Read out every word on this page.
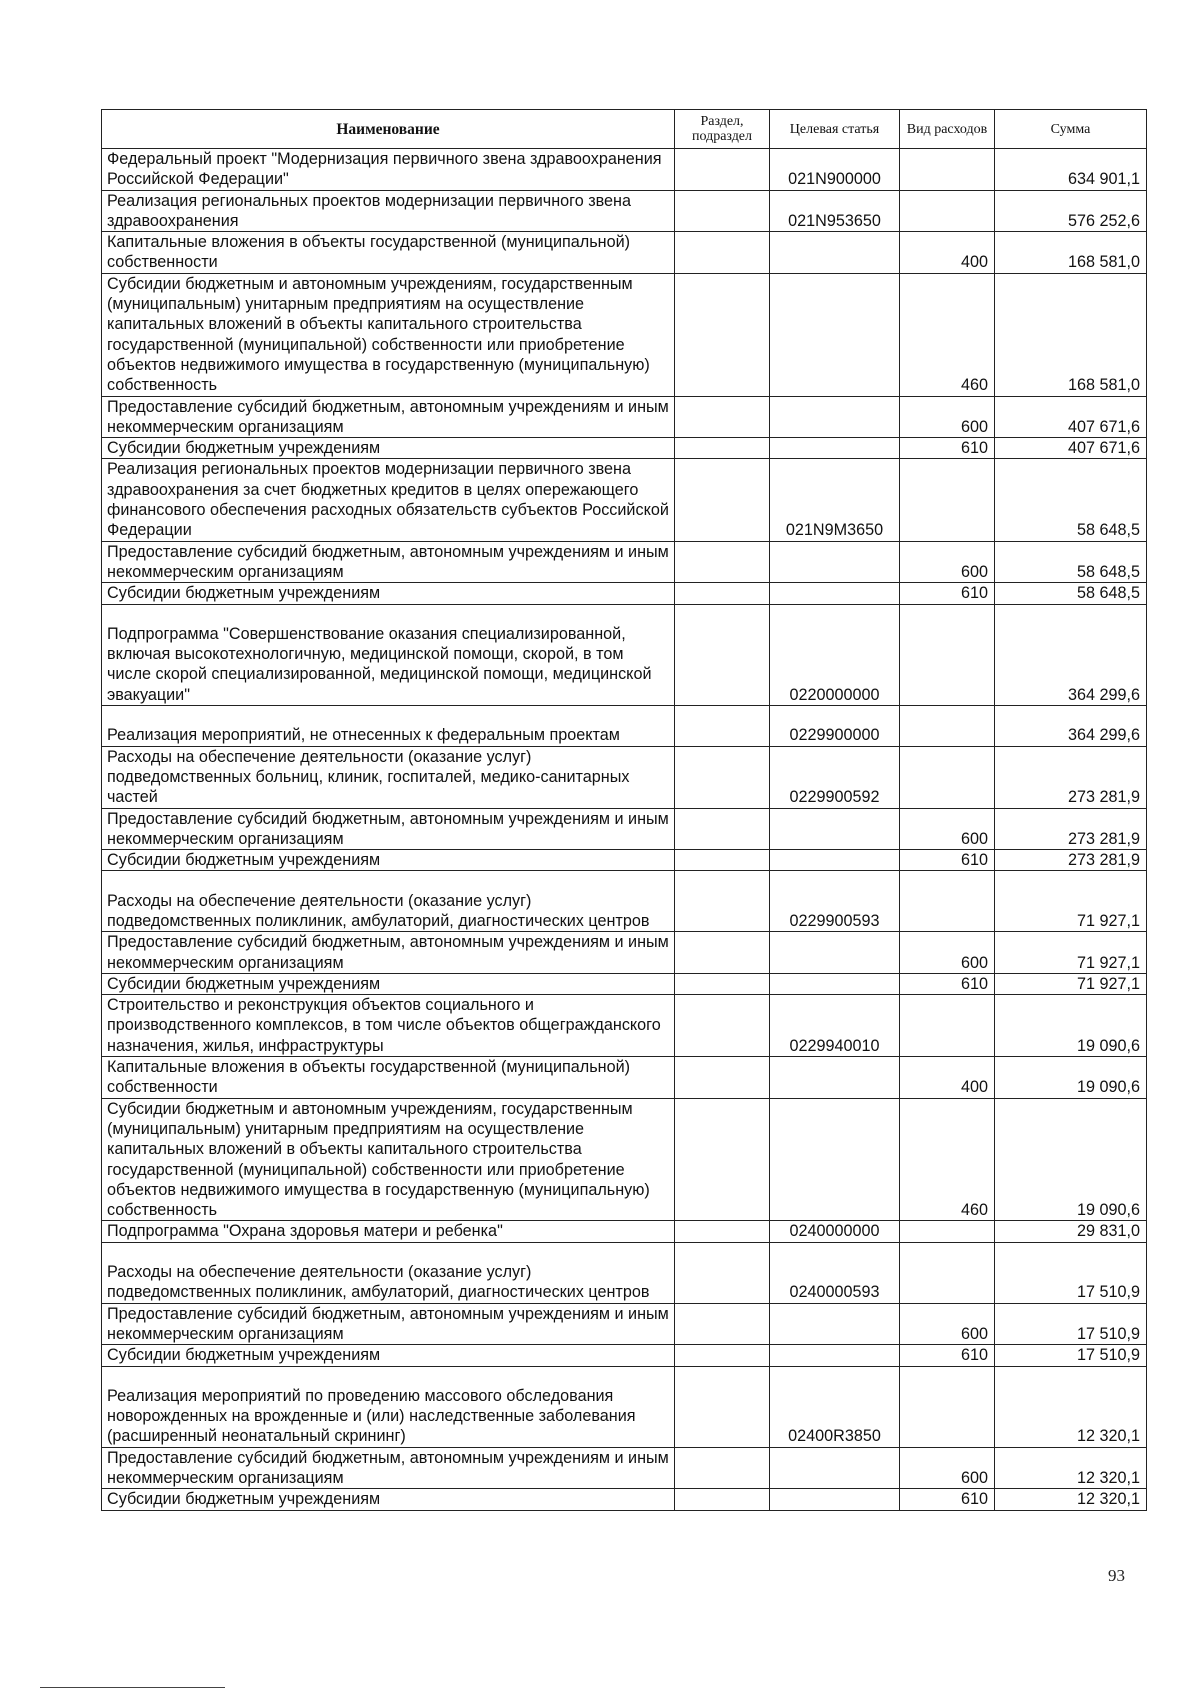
Наименование	Раздел, подраздел	Целевая статья	Вид расходов	Сумма
Федеральный проект "Модернизация первичного звена здравоохранения Российской Федерации"		021N900000		634 901,1
Реализация региональных проектов модернизации первичного звена здравоохранения		021N953650		576 252,6
Капитальные вложения в объекты государственной (муниципальной) собственности			400	168 581,0
Субсидии бюджетным и автономным учреждениям, государственным (муниципальным) унитарным предприятиям на осуществление капитальных вложений в объекты капитального строительства государственной (муниципальной) собственности или приобретение объектов недвижимого имущества в государственную (муниципальную) собственность			460	168 581,0
Предоставление субсидий бюджетным, автономным учреждениям и иным некоммерческим организациям			600	407 671,6
Субсидии бюджетным учреждениям			610	407 671,6
Реализация региональных проектов модернизации первичного звена здравоохранения за счет бюджетных кредитов в целях опережающего финансового обеспечения расходных обязательств субъектов Российской Федерации		021N9M3650		58 648,5
Предоставление субсидий бюджетным, автономным учреждениям и иным некоммерческим организациям			600	58 648,5
Субсидии бюджетным учреждениям			610	58 648,5
Подпрограмма "Совершенствование оказания специализированной, включая высокотехнологичную, медицинской помощи, скорой, в том числе скорой специализированной, медицинской помощи, медицинской эвакуации"		0220000000		364 299,6
Реализация мероприятий, не отнесенных к федеральным проектам		0229900000		364 299,6
Расходы на обеспечение деятельности (оказание услуг) подведомственных больниц, клиник, госпиталей, медико-санитарных частей		0229900592		273 281,9
Предоставление субсидий бюджетным, автономным учреждениям и иным некоммерческим организациям			600	273 281,9
Субсидии бюджетным учреждениям			610	273 281,9
Расходы на обеспечение деятельности (оказание услуг) подведомственных поликлиник, амбулаторий, диагностических центров		0229900593		71 927,1
Предоставление субсидий бюджетным, автономным учреждениям и иным некоммерческим организациям			600	71 927,1
Субсидии бюджетным учреждениям			610	71 927,1
Строительство и реконструкция объектов социального и производственного комплексов, в том числе объектов общегражданского назначения, жилья, инфраструктуры		0229940010		19 090,6
Капитальные вложения в объекты государственной (муниципальной) собственности			400	19 090,6
Субсидии бюджетным и автономным учреждениям, государственным (муниципальным) унитарным предприятиям на осуществление капитальных вложений в объекты капитального строительства государственной (муниципальной) собственности или приобретение объектов недвижимого имущества в государственную (муниципальную) собственность			460	19 090,6
Подпрограмма "Охрана здоровья матери и ребенка"		0240000000		29 831,0
Расходы на обеспечение деятельности (оказание услуг) подведомственных поликлиник, амбулаторий, диагностических центров		0240000593		17 510,9
Предоставление субсидий бюджетным, автономным учреждениям и иным некоммерческим организациям			600	17 510,9
Субсидии бюджетным учреждениям			610	17 510,9
Реализация мероприятий по проведению массового обследования новорожденных на врожденные и (или) наследственные заболевания (расширенный неонатальный скрининг)		02400R3850		12 320,1
Предоставление субсидий бюджетным, автономным учреждениям и иным некоммерческим организациям			600	12 320,1
Субсидии бюджетным учреждениям			610	12 320,1
93
